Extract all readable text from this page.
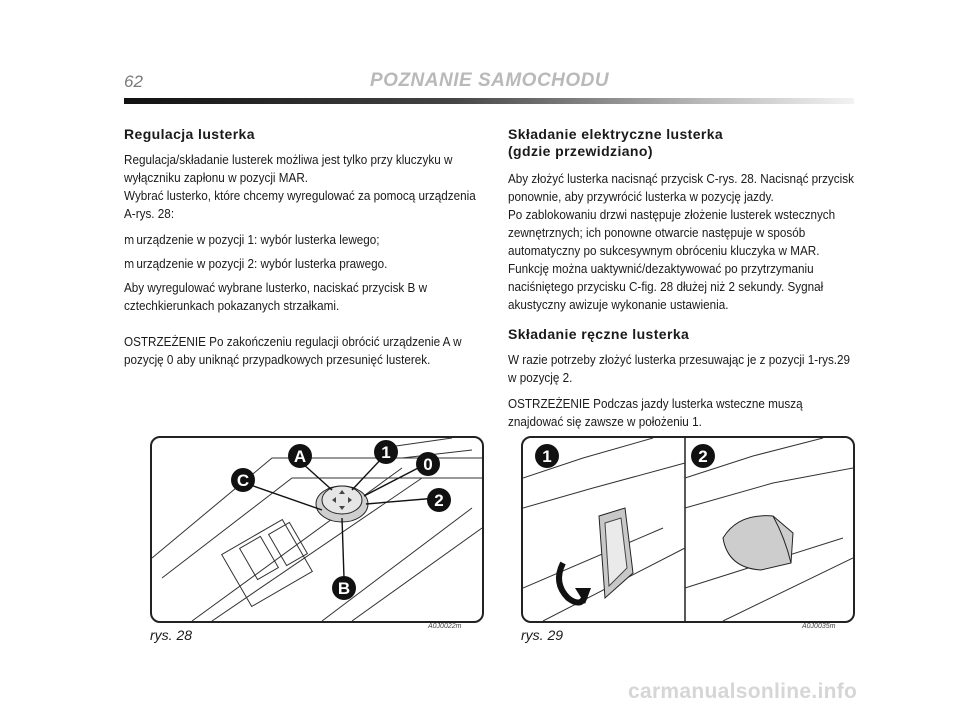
62	POZNANIE SAMOCHODU
Regulacja lusterka

Regulacja/składanie lusterek możliwa jest tylko przy kluczyku w wyłączniku zapłonu w pozycji MAR.

Wybrać lusterko, które chcemy wyregulować za pomocą urządzenia A-rys. 28:

m urządzenie w pozycji 1: wybór lusterka lewego;
m urządzenie w pozycji 2: wybór lusterka prawego.

Aby wyregulować wybrane lusterko, naciskać przycisk B w cztechkierunkach pokazanych strzałkami.

OSTRZEŻENIE Po zakończeniu regulacji obrócić urządzenie A w pozycję 0 aby uniknąć przypadkowych przesunięć lusterek.

Składanie elektryczne lusterka
(gdzie przewidziano)

Aby złożyć lusterka nacisnąć przycisk C-rys. 28. Nacisnąć przycisk ponownie, aby przywrócić lusterka w pozycję jazdy.

Po zablokowaniu drzwi następuje złożenie lusterek wstecznych zewnętrznych; ich ponowne otwarcie następuje w sposób automatyczny po sukcesywnym obróceniu kluczyka w MAR.

Funkcję można uaktywnić/dezaktywować po przytrzymaniu naciśniętego przycisku C-fig. 28 dłużej niż 2 sekundy. Sygnał akustyczny awizuje wykonanie ustawienia.

Składanie ręczne lusterka

W razie potrzeby złożyć lusterka przesuwając je z pozycji 1-rys.29 w pozycję 2.

OSTRZEŻENIE Podczas jazdy lusterka wsteczne muszą znajdować się zawsze w położeniu 1.

A	1
0
2
C
B
rys. 28
A0J0022m
1	2
rys. 29
A0J0035m
carmanualsonline.info
